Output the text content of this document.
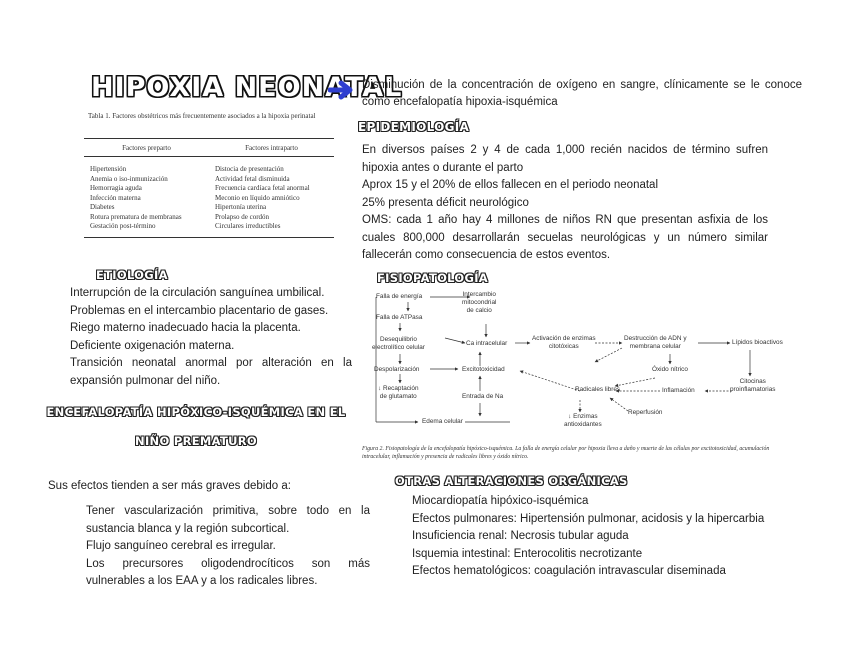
HIPOXIA NEONATAL
Disminución de la concentración de oxígeno en sangre, clínicamente se le conoce como encefalopatía hipoxia-isquémica
Tabla 1. Factores obstétricos más frecuentemente asociados a la hipoxia perinatal
Factores preparto	Factores intraparto
Hipertensión
Anemia o iso-inmunización
Hemorragia aguda
Infección materna
Diabetes
Rotura prematura de membranas
Gestación post-término
Distocia de presentación
Actividad fetal disminuida
Frecuencia cardíaca fetal anormal
Meconio en líquido amniótico
Hipertonía uterina
Prolapso de cordón
Circulares irreductibles
EPIDEMIOLOGÍA

En diversos países 2 y 4 de cada 1,000 recién nacidos de término sufren hipoxia antes o durante el parto

Aprox 15 y el 20% de ellos fallecen en el periodo neonatal

25% presenta déficit neurológico

OMS: cada 1 año hay 4 millones de niños RN que presentan asfixia de los cuales 800,000 desarrollarán secuelas neurológicas y un número similar fallecerán como consecuencia de estos eventos.

ETIOLOGÍA

Interrupción de la circulación sanguínea umbilical.

Problemas en el intercambio placentario de gases.

Riego materno inadecuado hacia la placenta.

Deficiente oxigenación materna.

Transición neonatal anormal por alteración en la expansión pulmonar del niño.

ENCEFALOPATÍA HIPÓXICO-ISQUÉMICA EN EL
NIÑO PREMATURO
Sus efectos tienden a ser más graves debido a:

Tener vascularización primitiva, sobre todo en la sustancia blanca y la región subcortical.

Flujo sanguíneo cerebral es irregular.

Los precursores oligodendrocíticos son más vulnerables a los EAA y a los radicales libres.

FISIOPATOLOGÍA
Falla de energía
Falla de ATPasa
Desequilibrio
electrolítico celular
Despolarización
↓ Recaptación
de glutamato
Intercambio
mitocondrial
de calcio
Ca intracelular
Excitotoxicidad
Entrada de Na
Edema celular
Activación de enzimas
citotóxicas
Destrucción de ADN y
membrana celular
Lípidos bioactivos
Óxido nítrico
Inflamación
Citocinas
proinflamatorias
Radicales libres
Reperfusión
↓ Enzimas
antioxidantes
Figura 2. Fisiopatología de la encefalopatía hipóxico-isquémica. La falla de energía celular por hipoxia lleva a daño y muerte de las células por excitotoxicidad, acumulación intracelular, inflamación y presencia de radicales libres y óxido nítrico.
OTRAS ALTERACIONES ORGÁNICAS

Miocardiopatía hipóxico-isquémica

Efectos pulmonares: Hipertensión pulmonar, acidosis y la hipercarbia

Insuficiencia renal: Necrosis tubular aguda

Isquemia intestinal: Enterocolitis necrotizante

Efectos hematológicos: coagulación intravascular diseminada
